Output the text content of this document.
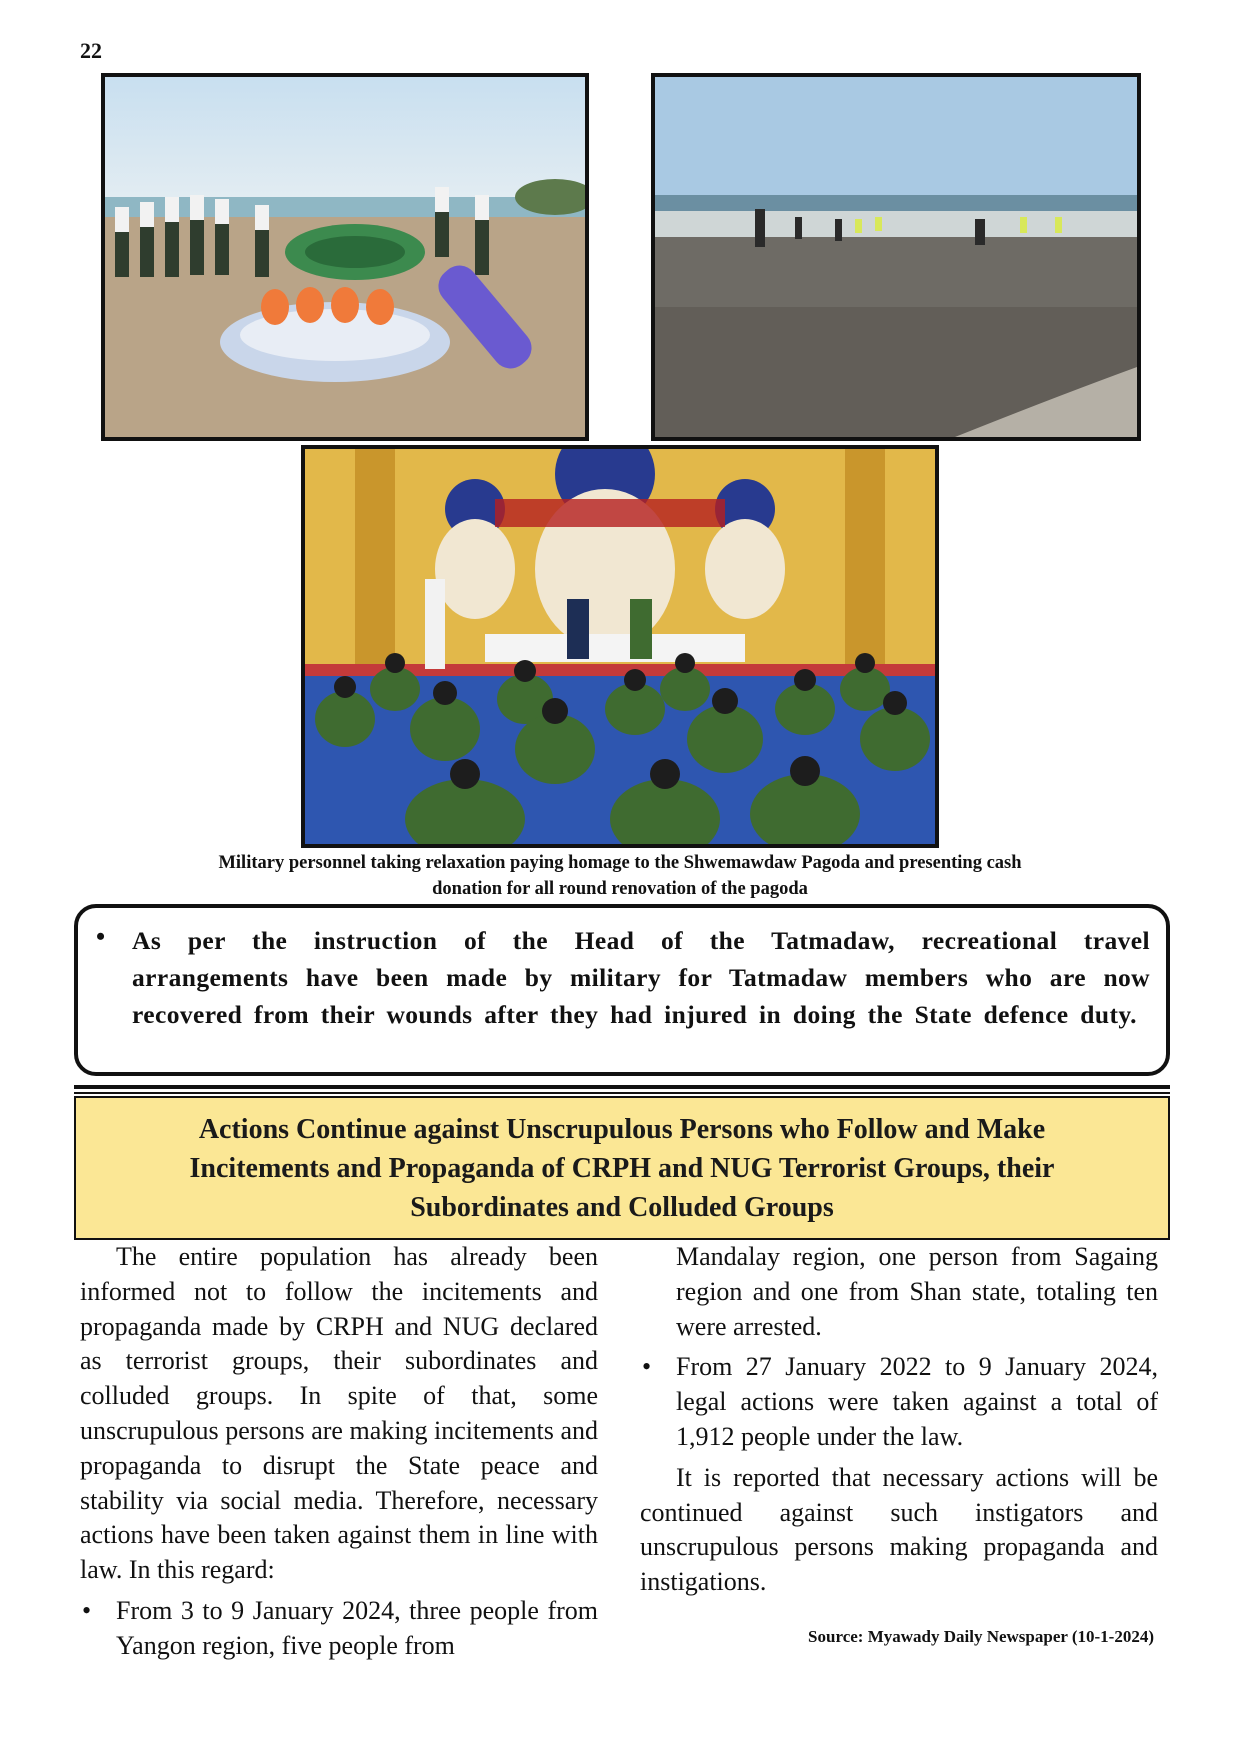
22
Military personnel taking relaxation paying homage to the Shwemawdaw Pagoda and presenting cash
donation for all round renovation of the pagoda
• As per the instruction of the Head of the Tatmadaw, recreational travel arrangements have been made by military for Tatmadaw members who are now recovered from their wounds after they had injured in doing the State defence duty.
Actions Continue against Unscrupulous Persons who Follow and Make
Incitements and Propaganda of CRPH and NUG Terrorist Groups, their
Subordinates and Colluded Groups

The entire population has already been informed not to follow the incitements and propaganda made by CRPH and NUG declared as terrorist groups, their subordinates and colluded groups. In spite of that, some unscrupulous persons are making incitements and propaganda to disrupt the State peace and stability via social media. Therefore, necessary actions have been taken against them in line with law. In this regard:

• From 3 to 9 January 2024, three people from Yangon region, five people from

Mandalay region, one person from Sagaing region and one from Shan state, totaling ten were arrested.

• From 27 January 2022 to 9 January 2024, legal actions were taken against a total of 1,912 people under the law.

It is reported that necessary actions will be continued against such instigators and unscrupulous persons making propaganda and instigations.

Source: Myawady Daily Newspaper (10-1-2024)
